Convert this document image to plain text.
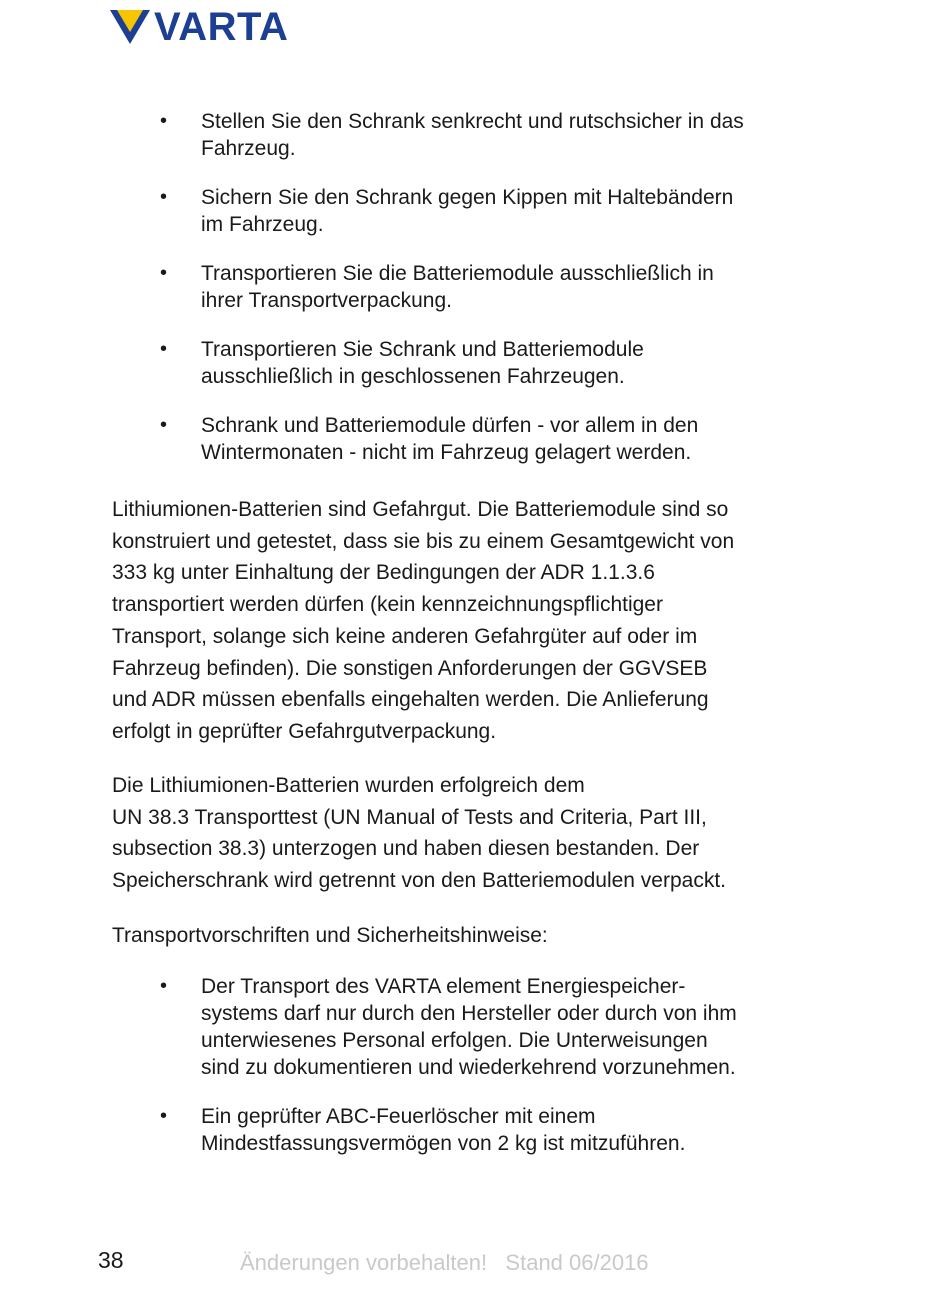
VARTA
• Stellen Sie den Schrank senkrecht und rutschsicher in das
Fahrzeug.
• Sichern Sie den Schrank gegen Kippen mit Haltebändern
im Fahrzeug.
• Transportieren Sie die Batteriemodule ausschließlich in
ihrer Transportverpackung.
• Transportieren Sie Schrank und Batteriemodule
ausschließlich in geschlossenen Fahrzeugen.
• Schrank und Batteriemodule dürfen - vor allem in den
Wintermonaten - nicht im Fahrzeug gelagert werden.

Lithiumionen-Batterien sind Gefahrgut. Die Batteriemodule sind so
konstruiert und getestet, dass sie bis zu einem Gesamtgewicht von
333 kg unter Einhaltung der Bedingungen der ADR 1.1.3.6
transportiert werden dürfen (kein kennzeichnungspflichtiger
Transport, solange sich keine anderen Gefahrgüter auf oder im
Fahrzeug befinden). Die sonstigen Anforderungen der GGVSEB
und ADR müssen ebenfalls eingehalten werden. Die Anlieferung
erfolgt in geprüfter Gefahrgutverpackung.

Die Lithiumionen-Batterien wurden erfolgreich dem
UN 38.3 Transporttest (UN Manual of Tests and Criteria, Part III,
subsection 38.3) unterzogen und haben diesen bestanden. Der
Speicherschrank wird getrennt von den Batteriemodulen verpackt.

Transportvorschriften und Sicherheitshinweise:

• Der Transport des VARTA element Energiespeicher-
systems darf nur durch den Hersteller oder durch von ihm
unterwiesenes Personal erfolgen. Die Unterweisungen
sind zu dokumentieren und wiederkehrend vorzunehmen.
• Ein geprüfter ABC-Feuerlöscher mit einem
Mindestfassungsvermögen von 2 kg ist mitzuführen.
38	Änderungen vorbehalten!   Stand 06/2016
